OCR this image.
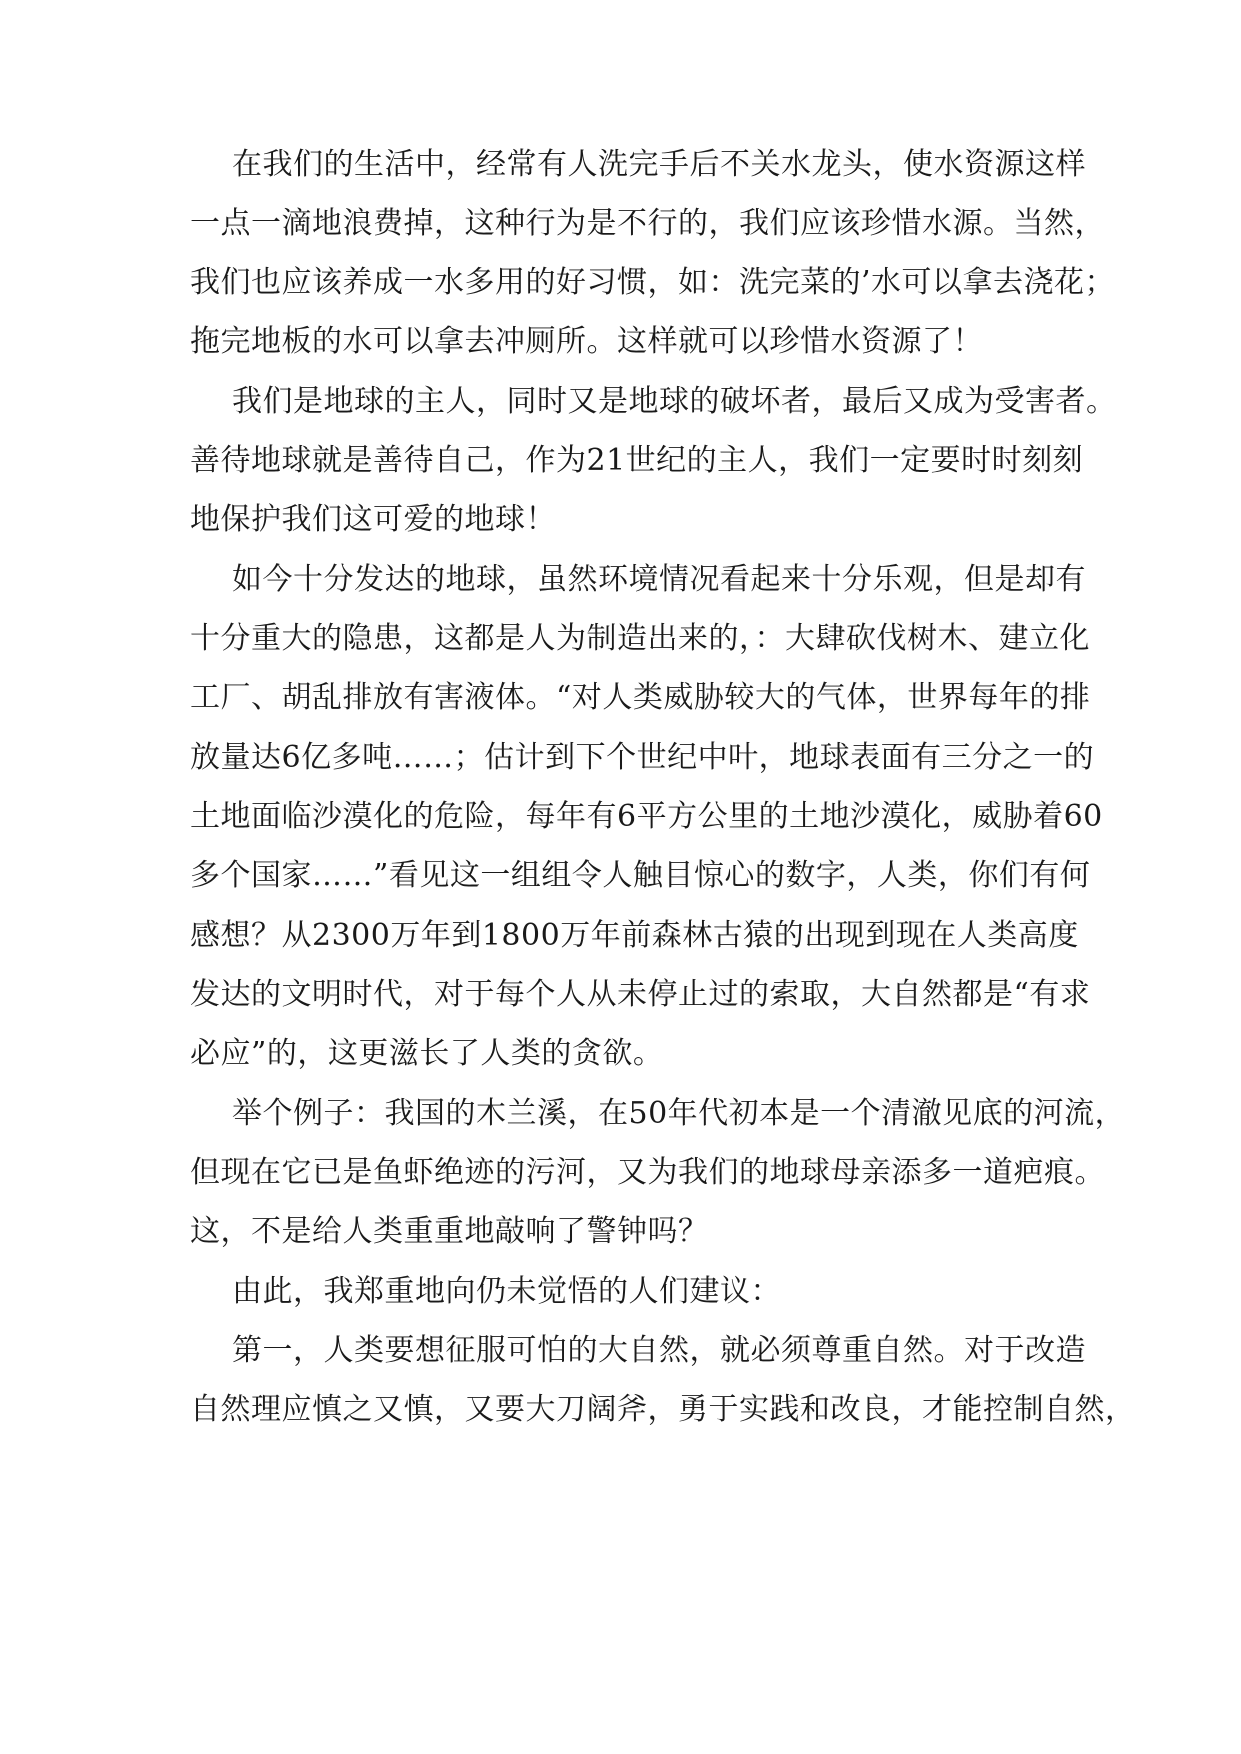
在我们的生活中，经常有人洗完手后不关水龙头，使水资源这样
一点一滴地浪费掉，这种行为是不行的，我们应该珍惜水源。当然，
我们也应该养成一水多用的好习惯，如：洗完菜的’水可以拿去浇花；
拖完地板的水可以拿去冲厕所。这样就可以珍惜水资源了！
我们是地球的主人，同时又是地球的破坏者，最后又成为受害者。
善待地球就是善待自己，作为21世纪的主人，我们一定要时时刻刻
地保护我们这可爱的地球！
如今十分发达的地球，虽然环境情况看起来十分乐观，但是却有
十分重大的隐患，这都是人为制造出来的，：大肆砍伐树木、建立化
工厂、胡乱排放有害液体。“对人类威胁较大的气体，世界每年的排
放量达6亿多吨……；估计到下个世纪中叶，地球表面有三分之一的
土地面临沙漠化的危险，每年有6平方公里的土地沙漠化，威胁着60
多个国家……”看见这一组组令人触目惊心的数字，人类，你们有何
感想？从2300万年到1800万年前森林古猿的出现到现在人类高度
发达的文明时代，对于每个人从未停止过的索取，大自然都是“有求
必应”的，这更滋长了人类的贪欲。
举个例子：我国的木兰溪，在50年代初本是一个清澈见底的河流，
但现在它已是鱼虾绝迹的污河，又为我们的地球母亲添多一道疤痕。
这，不是给人类重重地敲响了警钟吗？
由此，我郑重地向仍未觉悟的人们建议：
第一，人类要想征服可怕的大自然，就必须尊重自然。对于改造
自然理应慎之又慎，又要大刀阔斧，勇于实践和改良，才能控制自然，
